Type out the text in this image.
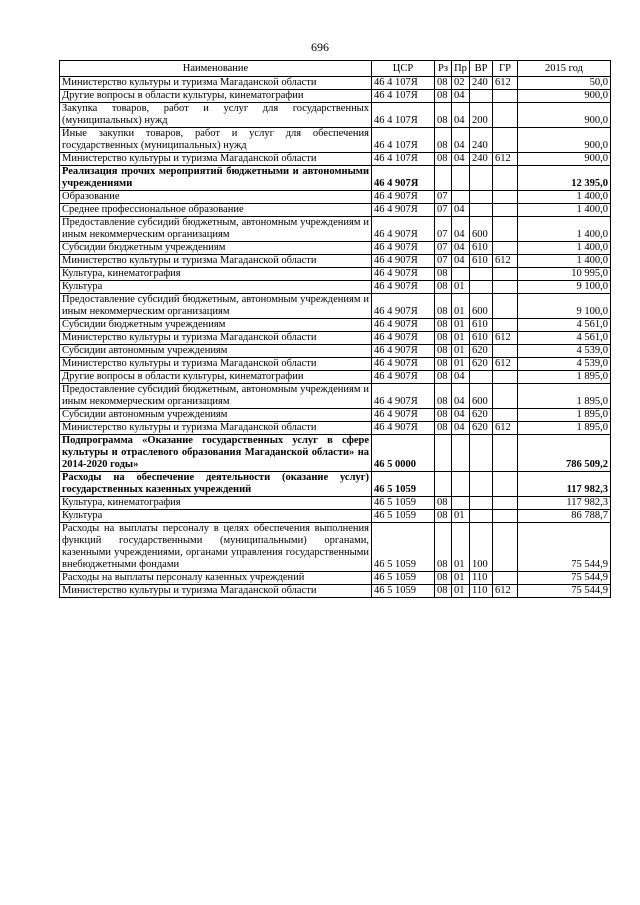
696
Наименование	ЦСР	Рз	Пр	ВР	ГР	2015 год
Министерство культуры и туризма Магаданской области	46 4 107Я	08	02	240	612	50,0
Другие вопросы в области культуры, кинематографии	46 4 107Я	08	04			900,0
Закупка товаров, работ и услуг для государственных (муниципальных) нужд	46 4 107Я	08	04	200		900,0
Иные закупки товаров, работ и услуг для обеспечения государственных (муниципальных) нужд	46 4 107Я	08	04	240		900,0
Министерство культуры и туризма Магаданской области	46 4 107Я	08	04	240	612	900,0
Реализация прочих мероприятий бюджетными и автономными учреждениями	46 4 907Я					12 395,0
Образование	46 4 907Я	07				1 400,0
Среднее профессиональное образование	46 4 907Я	07	04			1 400,0
Предоставление субсидий бюджетным, автономным учреждениям и иным некоммерческим организациям	46 4 907Я	07	04	600		1 400,0
Субсидии бюджетным учреждениям	46 4 907Я	07	04	610		1 400,0
Министерство культуры и туризма Магаданской области	46 4 907Я	07	04	610	612	1 400,0
Культура, кинематография	46 4 907Я	08				10 995,0
Культура	46 4 907Я	08	01			9 100,0
Предоставление субсидий бюджетным, автономным учреждениям и иным некоммерческим организациям	46 4 907Я	08	01	600		9 100,0
Субсидии бюджетным учреждениям	46 4 907Я	08	01	610		4 561,0
Министерство культуры и туризма Магаданской области	46 4 907Я	08	01	610	612	4 561,0
Субсидии автономным учреждениям	46 4 907Я	08	01	620		4 539,0
Министерство культуры и туризма Магаданской области	46 4 907Я	08	01	620	612	4 539,0
Другие вопросы в области культуры, кинематографии	46 4 907Я	08	04			1 895,0
Предоставление субсидий бюджетным, автономным учреждениям и иным некоммерческим организациям	46 4 907Я	08	04	600		1 895,0
Субсидии автономным учреждениям	46 4 907Я	08	04	620		1 895,0
Министерство культуры и туризма Магаданской области	46 4 907Я	08	04	620	612	1 895,0
Подпрограмма «Оказание государственных услуг в сфере культуры и отраслевого образования Магаданской области» на 2014-2020 годы»	46 5 0000					786 509,2
Расходы на обеспечение деятельности (оказание услуг) государственных казенных учреждений	46 5 1059					117 982,3
Культура, кинематография	46 5 1059	08				117 982,3
Культура	46 5 1059	08	01			86 788,7
Расходы на выплаты персоналу в целях обеспечения выполнения функций государственными (муниципальными) органами, казенными учреждениями, органами управления государственными внебюджетными фондами	46 5 1059	08	01	100		75 544,9
Расходы на выплаты персоналу казенных учреждений	46 5 1059	08	01	110		75 544,9
Министерство культуры и туризма Магаданской области	46 5 1059	08	01	110	612	75 544,9
